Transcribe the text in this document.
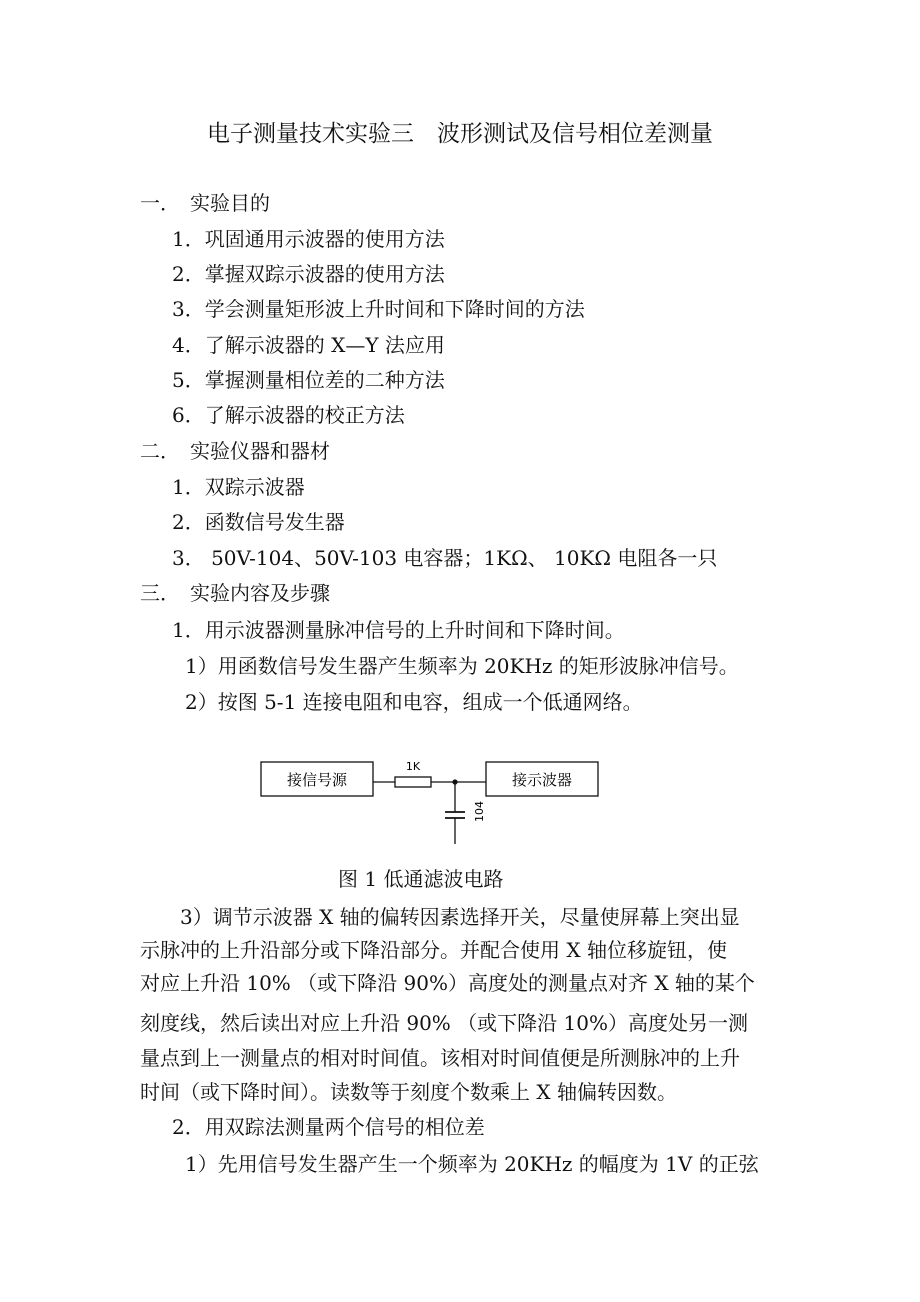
电子测量技术实验三　波形测试及信号相位差测量
一．　实验目的
1．巩固通用示波器的使用方法
2．掌握双踪示波器的使用方法
3．学会测量矩形波上升时间和下降时间的方法
4．了解示波器的 X—Y 法应用
5．掌握测量相位差的二种方法
6．了解示波器的校正方法
二．　实验仪器和器材
1．双踪示波器
2．函数信号发生器
3． 50V-104、50V-103 电容器；1KΩ、 10KΩ 电阻各一只
三．　实验内容及步骤
1．用示波器测量脉冲信号的上升时间和下降时间。
1）用函数信号发生器产生频率为 20KHz 的矩形波脉冲信号。
2）按图 5-1 连接电阻和电容，组成一个低通网络。
接信号源
1K
104
接示波器
图 1 低通滤波电路
3）调节示波器 X 轴的偏转因素选择开关，尽量使屏幕上突出显
示脉冲的上升沿部分或下降沿部分。并配合使用 X 轴位移旋钮，使
对应上升沿 10% （或下降沿 90%）高度处的测量点对齐 X 轴的某个
刻度线，然后读出对应上升沿 90% （或下降沿 10%）高度处另一测
量点到上一测量点的相对时间值。该相对时间值便是所测脉冲的上升
时间（或下降时间）。读数等于刻度个数乘上 X 轴偏转因数。
2．用双踪法测量两个信号的相位差
1）先用信号发生器产生一个频率为 20KHz 的幅度为 1V 的正弦
